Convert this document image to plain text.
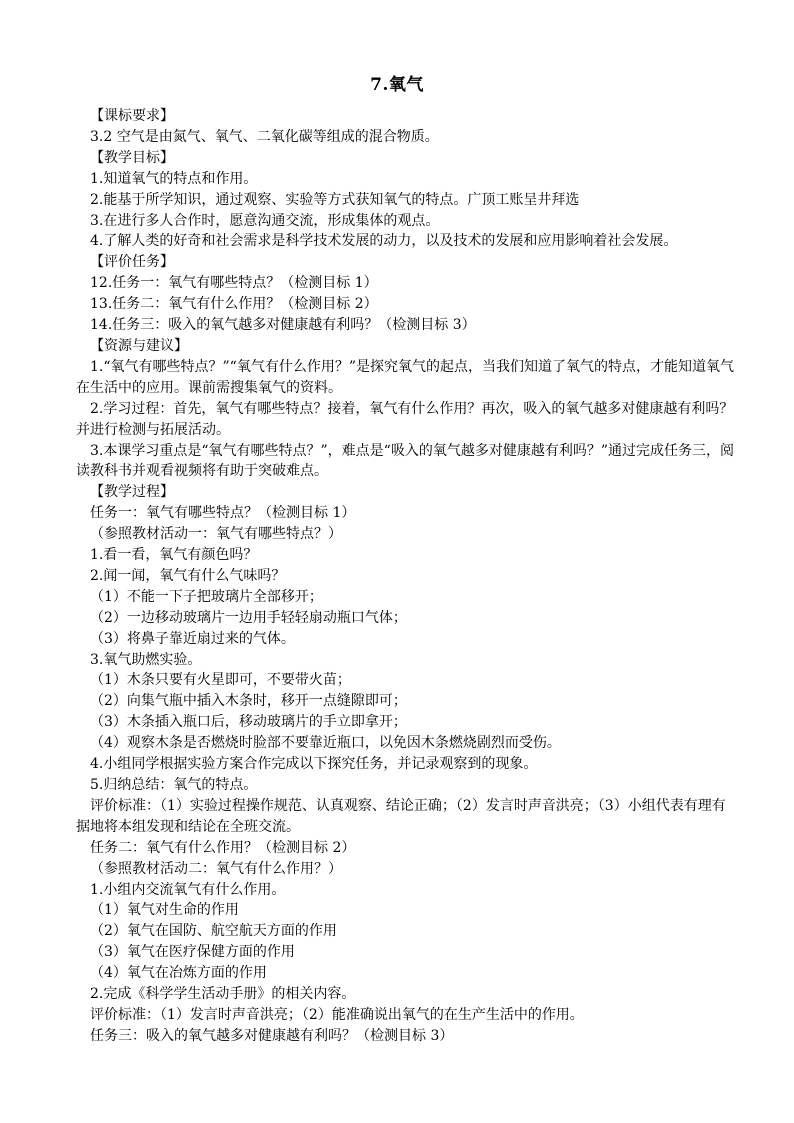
7.氧气
【课标要求】
3.2 空气是由氮气、氧气、二氧化碳等组成的混合物质。
【教学目标】
1.知道氧气的特点和作用。
2.能基于所学知识，通过观察、实验等方式获知氧气的特点。广顶工账呈井拜选
3.在进行多人合作时，愿意沟通交流，形成集体的观点。
4.了解人类的好奇和社会需求是科学技术发展的动力，以及技术的发展和应用影响着社会发展。
【评价任务】
12.任务一：氧气有哪些特点？（检测目标 1）
13.任务二：氧气有什么作用？（检测目标 2）
14.任务三：吸入的氧气越多对健康越有利吗？（检测目标 3）
【资源与建议】
1.“氧气有哪些特点？”“氧气有什么作用？”是探究氧气的起点，当我们知道了氧气的特点，才能知道氧气在生活中的应用。课前需搜集氧气的资料。
2.学习过程：首先，氧气有哪些特点？接着，氧气有什么作用？再次，吸入的氧气越多对健康越有利吗？并进行检测与拓展活动。
3.本课学习重点是“氧气有哪些特点？”，难点是“吸入的氧气越多对健康越有利吗？”通过完成任务三，阅读教科书并观看视频将有助于突破难点。
【教学过程】
任务一：氧气有哪些特点？（检测目标 1）
（参照教材活动一：氧气有哪些特点？）
1.看一看，氧气有颜色吗？
2.闻一闻，氧气有什么气味吗？
（1）不能一下子把玻璃片全部移开；
（2）一边移动玻璃片一边用手轻轻扇动瓶口气体；
（3）将鼻子靠近扇过来的气体。
3.氧气助燃实验。
（1）木条只要有火星即可，不要带火苗；
（2）向集气瓶中插入木条时，移开一点缝隙即可；
（3）木条插入瓶口后，移动玻璃片的手立即拿开；
（4）观察木条是否燃烧时脸部不要靠近瓶口，以免因木条燃烧剧烈而受伤。
4.小组同学根据实验方案合作完成以下探究任务，并记录观察到的现象。
5.归纳总结：氧气的特点。
评价标准：（1）实验过程操作规范、认真观察、结论正确；（2）发言时声音洪亮；（3）小组代表有理有据地将本组发现和结论在全班交流。
任务二：氧气有什么作用？（检测目标 2）
（参照教材活动二：氧气有什么作用？）
1.小组内交流氧气有什么作用。
（1）氧气对生命的作用
（2）氧气在国防、航空航天方面的作用
（3）氧气在医疗保健方面的作用
（4）氧气在冶炼方面的作用
2.完成《科学学生活动手册》的相关内容。
评价标准：（1）发言时声音洪亮；（2）能准确说出氧气的在生产生活中的作用。
任务三：吸入的氧气越多对健康越有利吗？（检测目标 3）
